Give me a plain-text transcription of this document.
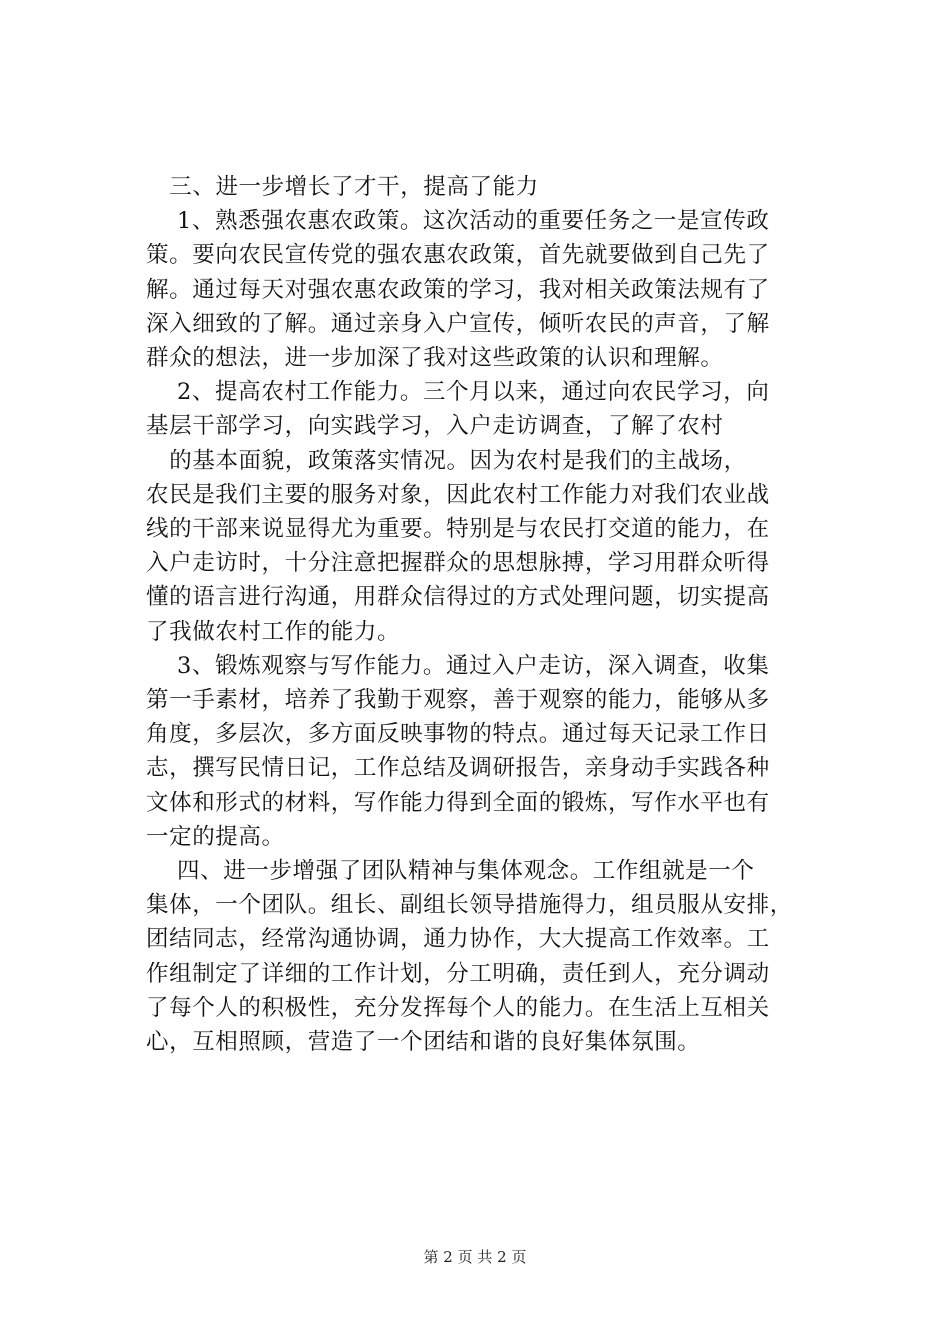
三、进一步增长了才干，提高了能力
1、熟悉强农惠农政策。这次活动的重要任务之一是宣传政
策。要向农民宣传党的强农惠农政策，首先就要做到自己先了
解。通过每天对强农惠农政策的学习，我对相关政策法规有了
深入细致的了解。通过亲身入户宣传，倾听农民的声音，了解
群众的想法，进一步加深了我对这些政策的认识和理解。
2、提高农村工作能力。三个月以来，通过向农民学习，向
基层干部学习，向实践学习，入户走访调查，了解了农村
的基本面貌，政策落实情况。因为农村是我们的主战场，
农民是我们主要的服务对象，因此农村工作能力对我们农业战
线的干部来说显得尤为重要。特别是与农民打交道的能力，在
入户走访时，十分注意把握群众的思想脉搏，学习用群众听得
懂的语言进行沟通，用群众信得过的方式处理问题，切实提高
了我做农村工作的能力。
3、锻炼观察与写作能力。通过入户走访，深入调查，收集
第一手素材，培养了我勤于观察，善于观察的能力，能够从多
角度，多层次，多方面反映事物的特点。通过每天记录工作日
志，撰写民情日记，工作总结及调研报告，亲身动手实践各种
文体和形式的材料，写作能力得到全面的锻炼，写作水平也有
一定的提高。
四、进一步增强了团队精神与集体观念。工作组就是一个
集体，一个团队。组长、副组长领导措施得力，组员服从安排，
团结同志，经常沟通协调，通力协作，大大提高工作效率。工
作组制定了详细的工作计划，分工明确，责任到人，充分调动
了每个人的积极性，充分发挥每个人的能力。在生活上互相关
心，互相照顾，营造了一个团结和谐的良好集体氛围。
第 2 页 共 2 页
